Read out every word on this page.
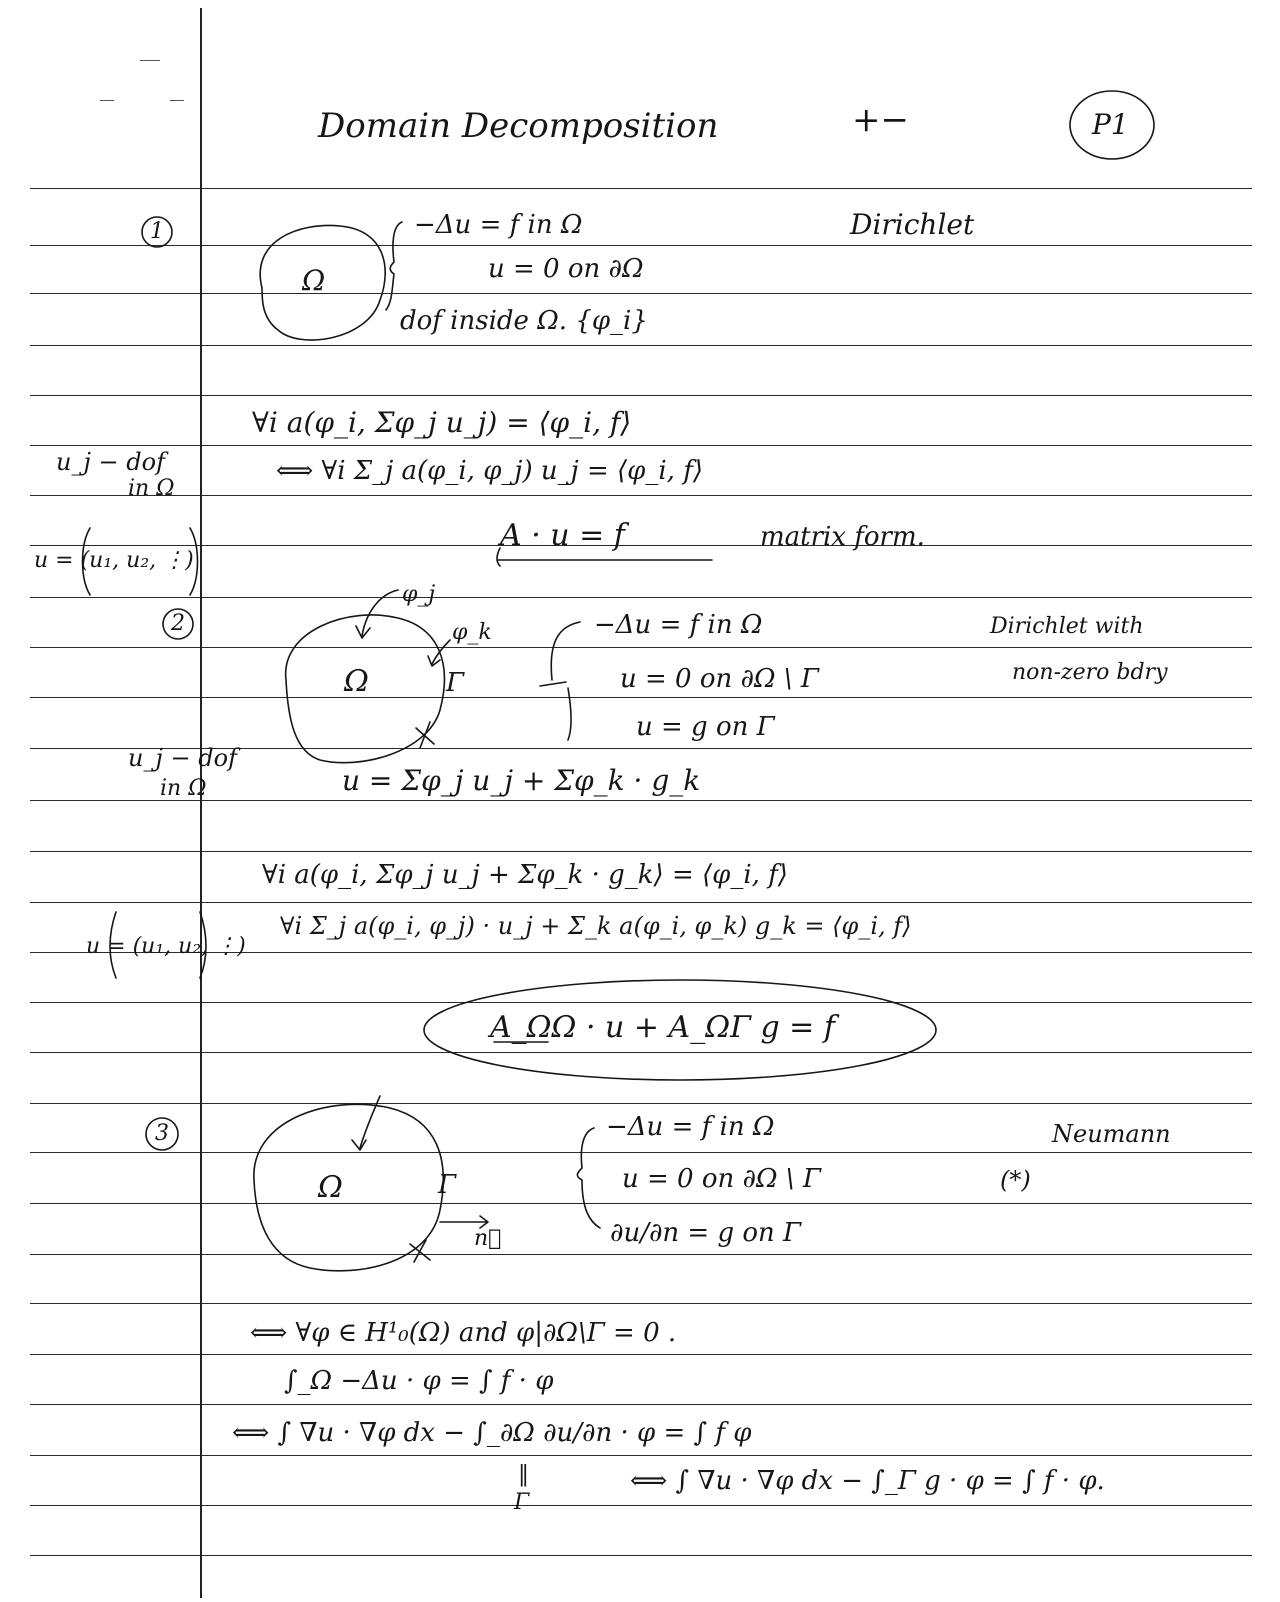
Domain Decomposition	+−	P1
1
Ω
−Δu = f in Ω
u = 0 on ∂Ω
dof inside Ω. {φ_i}
Dirichlet
∀i a(φ_i, Σφ_j u_j) = ⟨φ_i, f⟩
⟺ ∀i Σ_j a(φ_i, φ_j) u_j = ⟨φ_i, f⟩
A · u = f	matrix form.
u_j − dof
in Ω
u = (u₁, u₂, ⋮)
2
Ω
φ_j
φ_k
Γ
−Δu = f in Ω
u = 0 on ∂Ω \ Γ
u = g on Γ
Dirichlet with
non-zero bdry
u = Σφ_j u_j + Σφ_k · g_k
u_j − dof
in Ω
∀i a(φ_i, Σφ_j u_j + Σφ_k · g_k⟩ = ⟨φ_i, f⟩
∀i Σ_j a(φ_i, φ_j) · u_j + Σ_k a(φ_i, φ_k) g_k = ⟨φ_i, f⟩
u = (u₁, u₂, ⋮)
A_ΩΩ · u + A_ΩΓ g = f
3
Ω	Γ
n⃗
−Δu = f in Ω
u = 0 on ∂Ω \ Γ
∂u/∂n = g on Γ
(*)
Neumann
⟺ ∀φ ∈ H¹₀(Ω) and φ|∂Ω\Γ = 0 .
∫_Ω −Δu · φ = ∫ f · φ
⟺ ∫ ∇u · ∇φ dx − ∫_∂Ω ∂u/∂n · φ = ∫ f φ
‖
Γ
⟺ ∫ ∇u · ∇φ dx − ∫_Γ g · φ = ∫ f · φ.
